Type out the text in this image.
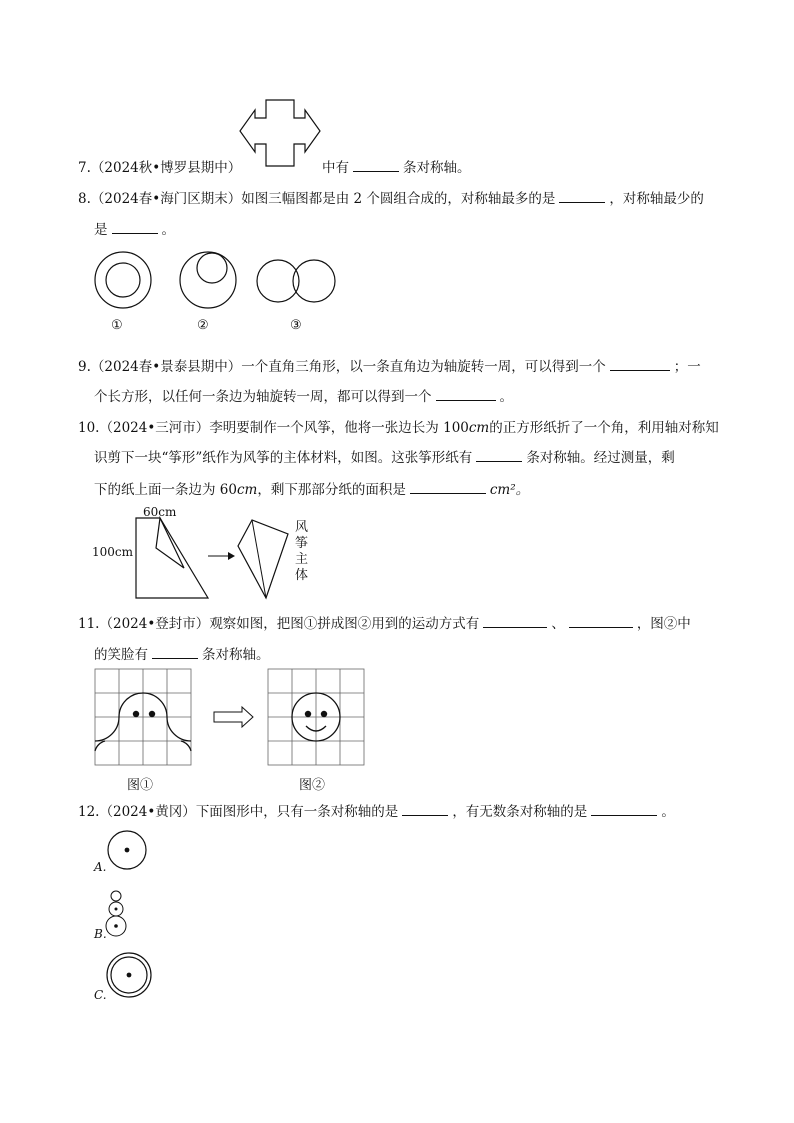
7.（2024秋•博罗县期中）	中有	条对称轴。
8.（2024春•海门区期末）如图三幅图都是由 2 个圆组合成的，对称轴最多的是	，对称轴最少的
是	。
①	②	③
9.（2024春•景泰县期中）一个直角三角形，以一条直角边为轴旋转一周，可以得到一个	；一
个长方形，以任何一条边为轴旋转一周，都可以得到一个	。
10.（2024•三河市）李明要制作一个风筝，他将一张边长为 100cm的正方形纸折了一个角，利用轴对称知
识剪下一块“筝形”纸作为风筝的主体材料，如图。这张筝形纸有	条对称轴。经过测量，剩
下的纸上面一条边为 60cm，剩下那部分纸的面积是	cm²。
60cm
100cm
风
筝
主
体
11.（2024•登封市）观察如图，把图①拼成图②用到的运动方式有	、	，图②中
的笑脸有	条对称轴。
图①	图②
12.（2024•黄冈）下面图形中，只有一条对称轴的是	，有无数条对称轴的是	。
A.
B.
C.
